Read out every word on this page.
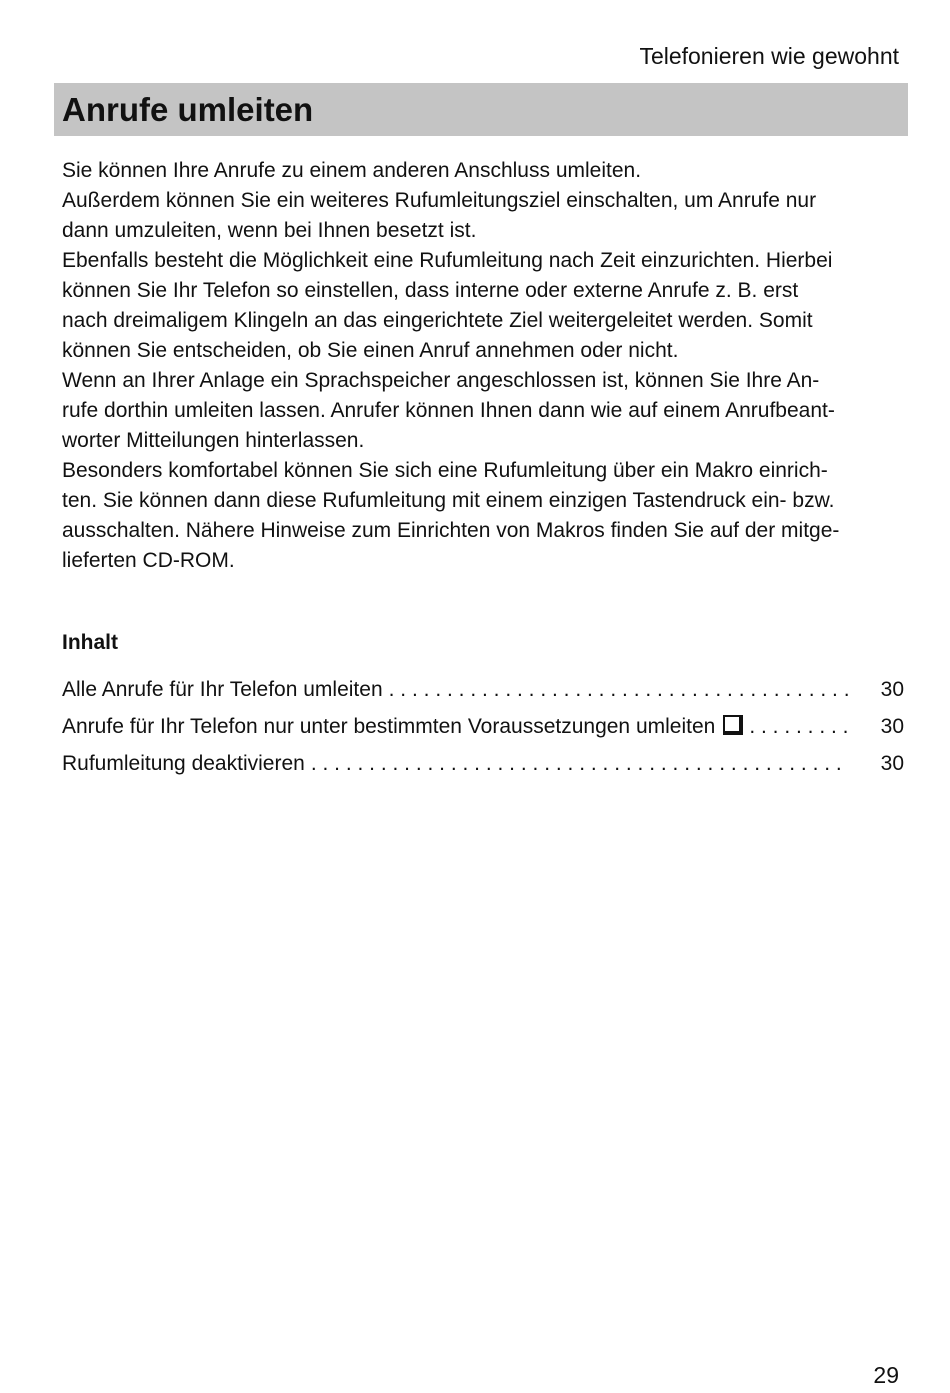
Telefonieren wie gewohnt
Anrufe umleiten

Sie können Ihre Anrufe zu einem anderen Anschluss umleiten.

Außerdem können Sie ein weiteres Rufumleitungsziel einschalten, um Anrufe nur

dann umzuleiten, wenn bei Ihnen besetzt ist.

Ebenfalls besteht die Möglichkeit eine Rufumleitung nach Zeit einzurichten. Hierbei

können Sie Ihr Telefon so einstellen, dass interne oder externe Anrufe z. B. erst

nach dreimaligem Klingeln an das eingerichtete Ziel weitergeleitet werden. Somit

können Sie entscheiden, ob Sie einen Anruf annehmen oder nicht.

Wenn an Ihrer Anlage ein Sprachspeicher angeschlossen ist, können Sie Ihre An-

rufe dorthin umleiten lassen. Anrufer können Ihnen dann wie auf einem Anrufbeant-

worter Mitteilungen hinterlassen.

Besonders komfortabel können Sie sich eine Rufumleitung über ein Makro einrich-

ten. Sie können dann diese Rufumleitung mit einem einzigen Tastendruck ein- bzw.

ausschalten. Nähere Hinweise zum Einrichten von Makros finden Sie auf der mitge-

lieferten CD-ROM.

Inhalt
Alle Anrufe für Ihr Telefon umleiten . . .	30
Anrufe für Ihr Telefon nur unter bestimmten Voraussetzungen umleiten . . .	30
Rufumleitung deaktivieren . . .	30
29
